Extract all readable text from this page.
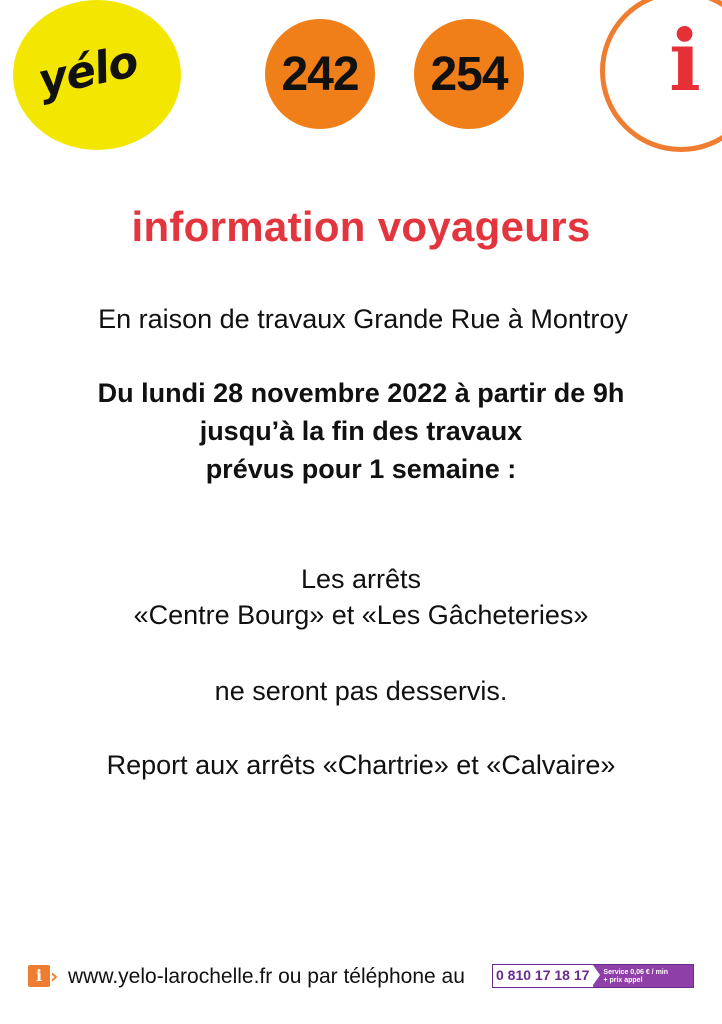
yélo	242	254 i
information voyageurs
En raison de travaux Grande Rue à Montroy
Du lundi 28 novembre 2022 à partir de 9h
jusqu’à la fin des travaux
prévus pour 1 semaine :
Les arrêts
«Centre Bourg» et «Les Gâcheteries»
ne seront pas desservis.
Report aux arrêts «Chartrie» et «Calvaire»
i › www.yelo-larochelle.fr ou par téléphone au 0 810 17 18 17	Service 0,06 € / min
+ prix appel
